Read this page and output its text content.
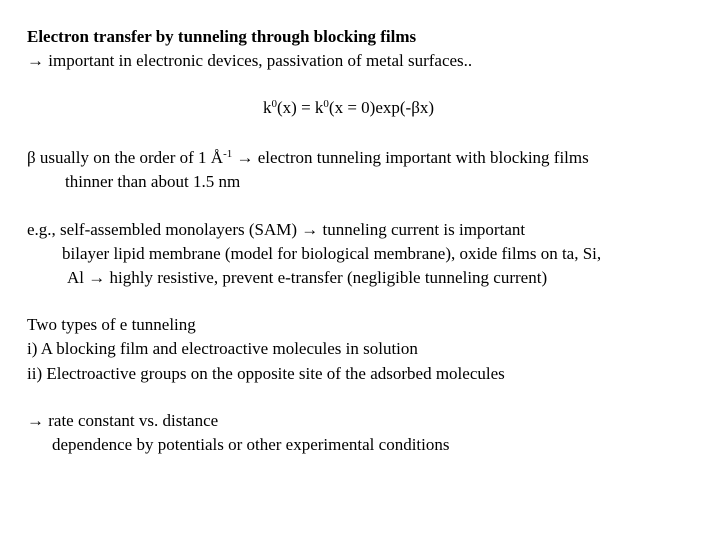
Electron transfer by tunneling through blocking films
→ important in electronic devices, passivation of metal surfaces..
$k^0(x) = k^0(x = 0)\exp(-\beta x)$
β usually on the order of 1 $Å^{-1}$ → electron tunneling important with blocking films
thinner than about 1.5 nm
e.g., self-assembled monolayers (SAM) → tunneling current is important
bilayer lipid membrane (model for biological membrane), oxide films on ta, Si,
Al → highly resistive, prevent e-transfer (negligible tunneling current)
Two types of e tunneling
i) A blocking film and electroactive molecules in solution
ii) Electroactive groups on the opposite site of the adsorbed molecules
→ rate constant vs. distance
dependence by potentials or other experimental conditions
